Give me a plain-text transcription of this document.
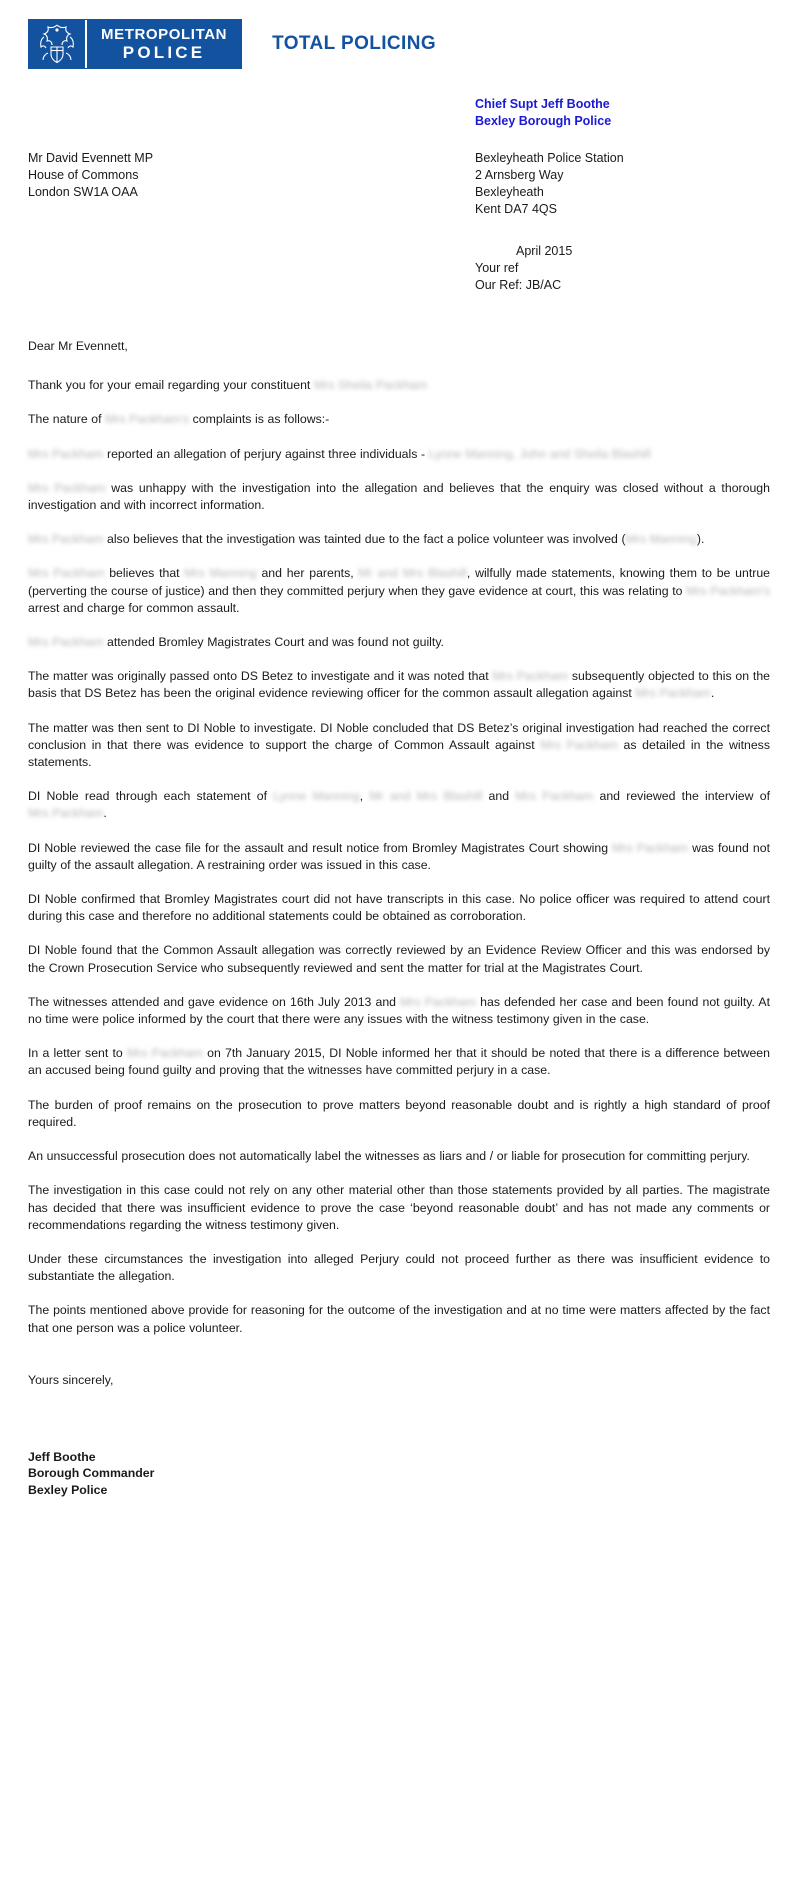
METROPOLITAN
POLICE	TOTAL POLICING
Chief Supt Jeff Boothe
Bexley Borough Police
Mr David Evennett MP
House of Commons
London SW1A OAA
Bexleyheath Police Station
2 Arnsberg Way
Bexleyheath
Kent DA7 4QS
April 2015
Your ref
Our Ref: JB/AC

Dear Mr Evennett,

Thank you for your email regarding your constituent Mrs Sheila Packham

The nature of Mrs Packham's complaints is as follows:-

Mrs Packham reported an allegation of perjury against three individuals - Lynne Manning, John and Sheila Blashill

Mrs Packham was unhappy with the investigation into the allegation and believes that the enquiry was closed without a thorough investigation and with incorrect information.

Mrs Packham also believes that the investigation was tainted due to the fact a police volunteer was involved (Mrs Manning).

Mrs Packham believes that Mrs Manning and her parents, Mr and Mrs Blashill, wilfully made statements, knowing them to be untrue (perverting the course of justice) and then they committed perjury when they gave evidence at court, this was relating to Mrs Packham's arrest and charge for common assault.

Mrs Packham attended Bromley Magistrates Court and was found not guilty.

The matter was originally passed onto DS Betez to investigate and it was noted that Mrs Packham subsequently objected to this on the basis that DS Betez has been the original evidence reviewing officer for the common assault allegation against Mrs Packham.

The matter was then sent to DI Noble to investigate. DI Noble concluded that DS Betez’s original investigation had reached the correct conclusion in that there was evidence to support the charge of Common Assault against Mrs Packham as detailed in the witness statements.

DI Noble read through each statement of Lynne Manning, Mr and Mrs Blashill and Mrs Packham and reviewed the interview of Mrs Packham.

DI Noble reviewed the case file for the assault and result notice from Bromley Magistrates Court showing Mrs Packham was found not guilty of the assault allegation. A restraining order was issued in this case.

DI Noble confirmed that Bromley Magistrates court did not have transcripts in this case. No police officer was required to attend court during this case and therefore no additional statements could be obtained as corroboration.

DI Noble found that the Common Assault allegation was correctly reviewed by an Evidence Review Officer and this was endorsed by the Crown Prosecution Service who subsequently reviewed and sent the matter for trial at the Magistrates Court.

The witnesses attended and gave evidence on 16th July 2013 and Mrs Packham has defended her case and been found not guilty. At no time were police informed by the court that there were any issues with the witness testimony given in the case.

In a letter sent to Mrs Packham on 7th January 2015, DI Noble informed her that it should be noted that there is a difference between an accused being found guilty and proving that the witnesses have committed perjury in a case.

The burden of proof remains on the prosecution to prove matters beyond reasonable doubt and is rightly a high standard of proof required.

An unsuccessful prosecution does not automatically label the witnesses as liars and / or liable for prosecution for committing perjury.

The investigation in this case could not rely on any other material other than those statements provided by all parties. The magistrate has decided that there was insufficient evidence to prove the case ‘beyond reasonable doubt’ and has not made any comments or recommendations regarding the witness testimony given.

Under these circumstances the investigation into alleged Perjury could not proceed further as there was insufficient evidence to substantiate the allegation.

The points mentioned above provide for reasoning for the outcome of the investigation and at no time were matters affected by the fact that one person was a police volunteer.

Yours sincerely,

Jeff Boothe
Borough Commander
Bexley Police
